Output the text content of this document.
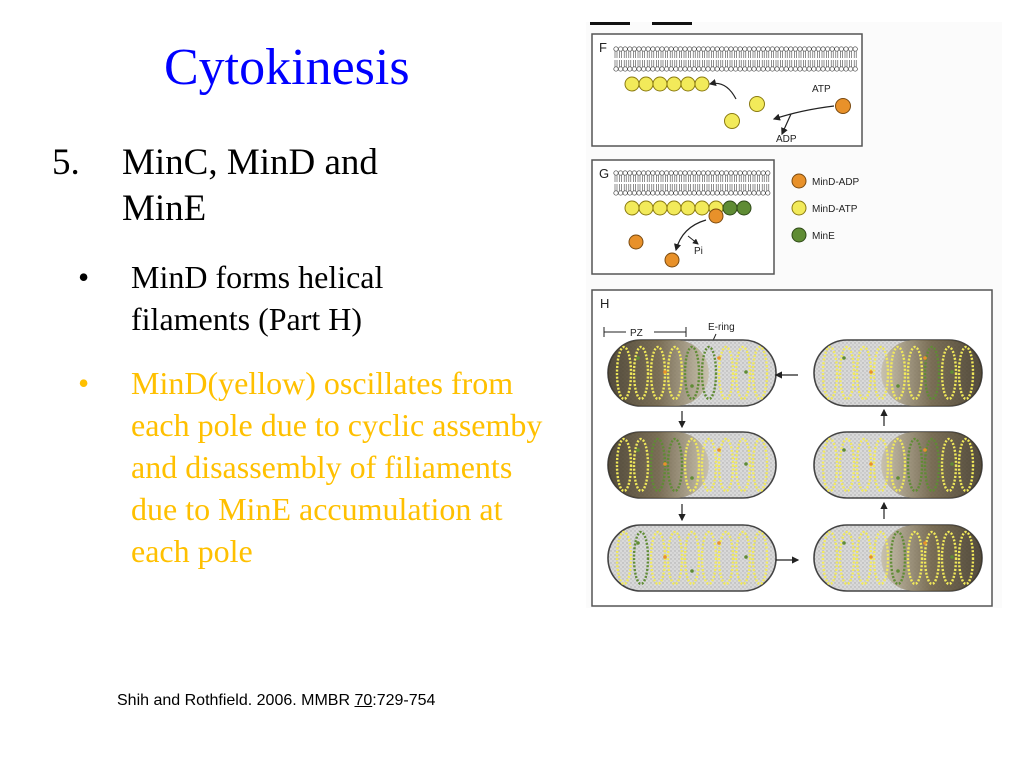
Cytokinesis
5. MinC, MinD and MinE
• MinD forms helical filaments (Part H)
• MinD(yellow) oscillates from each pole due to cyclic assemby and disassembly of filiaments due to MinE accumulation at each pole
Shih and Rothfield. 2006. MMBR 70:729-754
F
ATP
ADP
G
Pi
MinD-ADP
MinD-ATP
MinE
H
PZ
E-ring
